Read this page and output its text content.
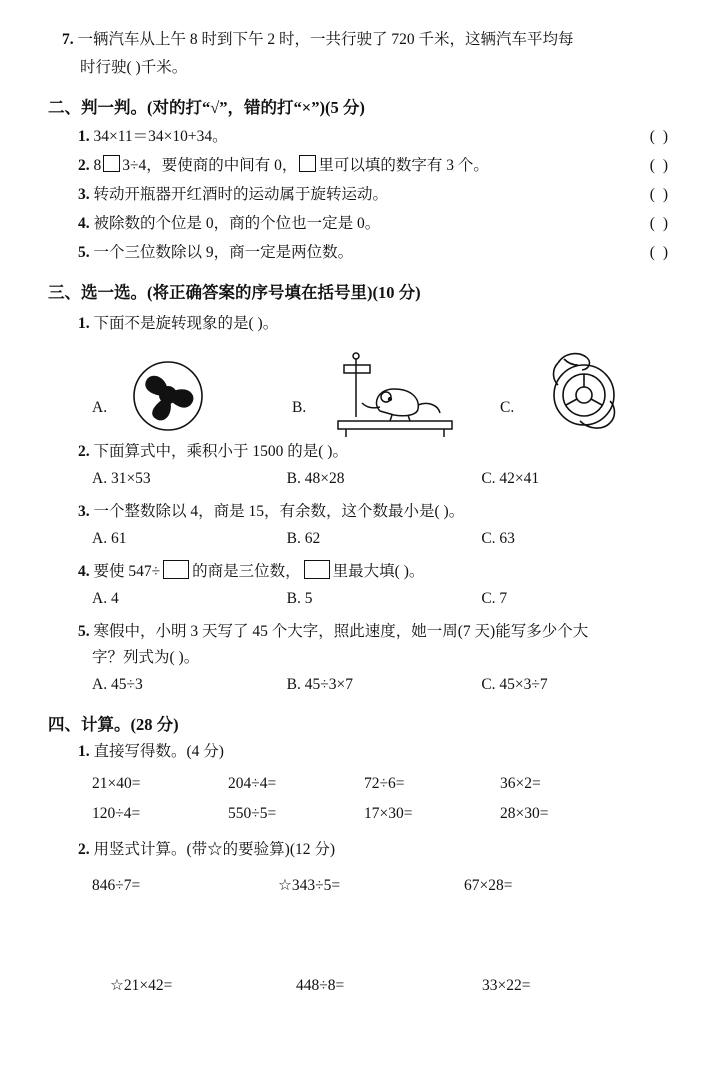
7. 一辆汽车从上午 8 时到下午 2 时，一共行驶了 720 千米，这辆汽车平均每
时行驶( )千米。
二、判一判。(对的打“√”，错的打“×”)(5 分)
1. 34×11＝34×10+34。	( )
2. 8 3÷4，要使商的中间有 0， 里可以填的数字有 3 个。	( )
3. 转动开瓶器开红酒时的运动属于旋转运动。	( )
4. 被除数的个位是 0，商的个位也一定是 0。	( )
5. 一个三位数除以 9，商一定是两位数。	( )
三、选一选。(将正确答案的序号填在括号里)(10 分)
1. 下面不是旋转现象的是( )。
A.	B.	C.
2. 下面算式中，乘积小于 1500 的是( )。
A. 31×53	B. 48×28	C. 42×41
3. 一个整数除以 4，商是 15，有余数，这个数最小是( )。
A. 61	B. 62	C. 63
4. 要使 547÷ 的商是三位数， 里最大填( )。
A. 4	B. 5	C. 7
5. 寒假中，小明 3 天写了 45 个大字，照此速度，她一周(7 天)能写多少个大
字？列式为( )。
A. 45÷3	B. 45÷3×7	C. 45×3÷7
四、计算。(28 分)
1. 直接写得数。(4 分)
21×40=	204÷4=	72÷6=	36×2=
120÷4=	550÷5=	17×30=	28×30=
2. 用竖式计算。(带☆的要验算)(12 分)
846÷7=	☆343÷5=	67×28=
☆21×42=	448÷8=	33×22=
